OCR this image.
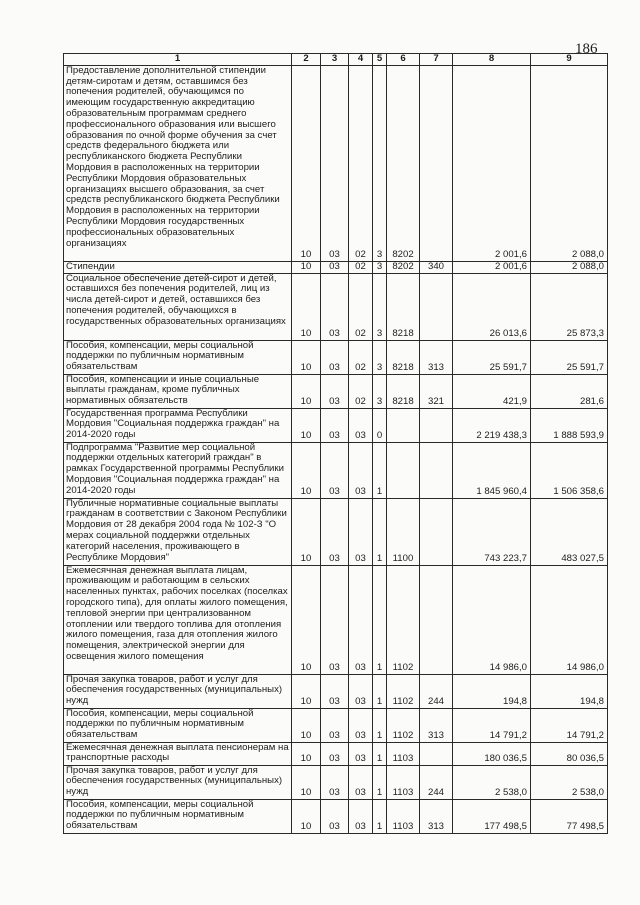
186
1	2	3	4	5	6	7	8	9
Предоставление дополнительной стипендии детям-сиротам и детям, оставшимся без попечения родителей, обучающимся по имеющим государственную аккредитацию образовательным программам среднего профессионального образования или высшего образования по очной форме обучения за счет средств федерального бюджета или республиканского бюджета Республики Мордовия в расположенных на территории Республики Мордовия образовательных организациях высшего образования, за счет средств республиканского бюджета Республики Мордовия в расположенных на территории Республики Мордовия государственных профессиональных образовательных организациях	10	03	02	3	8202		2 001,6	2 088,0
Стипендии	10	03	02	3	8202	340	2 001,6	2 088,0
Социальное обеспечение детей-сирот и детей, оставшихся без попечения родителей, лиц из числа детей-сирот и детей, оставшихся без попечения родителей, обучающихся в государственных образовательных организациях	10	03	02	3	8218		26 013,6	25 873,3
Пособия, компенсации, меры социальной поддержки по публичным нормативным обязательствам	10	03	02	3	8218	313	25 591,7	25 591,7
Пособия, компенсации и иные социальные выплаты гражданам, кроме публичных нормативных обязательств	10	03	02	3	8218	321	421,9	281,6
Государственная программа Республики Мордовия "Социальная поддержка граждан" на 2014-2020 годы	10	03	03	0			2 219 438,3	1 888 593,9
Подпрограмма "Развитие мер социальной поддержки отдельных категорий граждан" в рамках Государственной программы Республики Мордовия "Социальная поддержка граждан" на 2014-2020 годы	10	03	03	1			1 845 960,4	1 506 358,6
Публичные нормативные социальные выплаты гражданам в соответствии с Законом Республики Мордовия от 28 декабря 2004 года № 102-З "О мерах социальной поддержки отдельных категорий населения, проживающего в Республике Мордовия"	10	03	03	1	1100		743 223,7	483 027,5
Ежемесячная денежная выплата лицам, проживающим и работающим в сельских населенных пунктах, рабочих поселках (поселках городского типа), для оплаты жилого помещения, тепловой энергии при централизованном отоплении или твердого топлива для отопления жилого помещения, газа для отопления жилого помещения, электрической энергии для освещения жилого помещения	10	03	03	1	1102		14 986,0	14 986,0
Прочая закупка товаров, работ и услуг для обеспечения государственных (муниципальных) нужд	10	03	03	1	1102	244	194,8	194,8
Пособия, компенсации, меры социальной поддержки по публичным нормативным обязательствам	10	03	03	1	1102	313	14 791,2	14 791,2
Ежемесячная денежная выплата пенсионерам на транспортные расходы	10	03	03	1	1103		180 036,5	80 036,5
Прочая закупка товаров, работ и услуг для обеспечения государственных (муниципальных) нужд	10	03	03	1	1103	244	2 538,0	2 538,0
Пособия, компенсации, меры социальной поддержки по публичным нормативным обязательствам	10	03	03	1	1103	313	177 498,5	77 498,5
